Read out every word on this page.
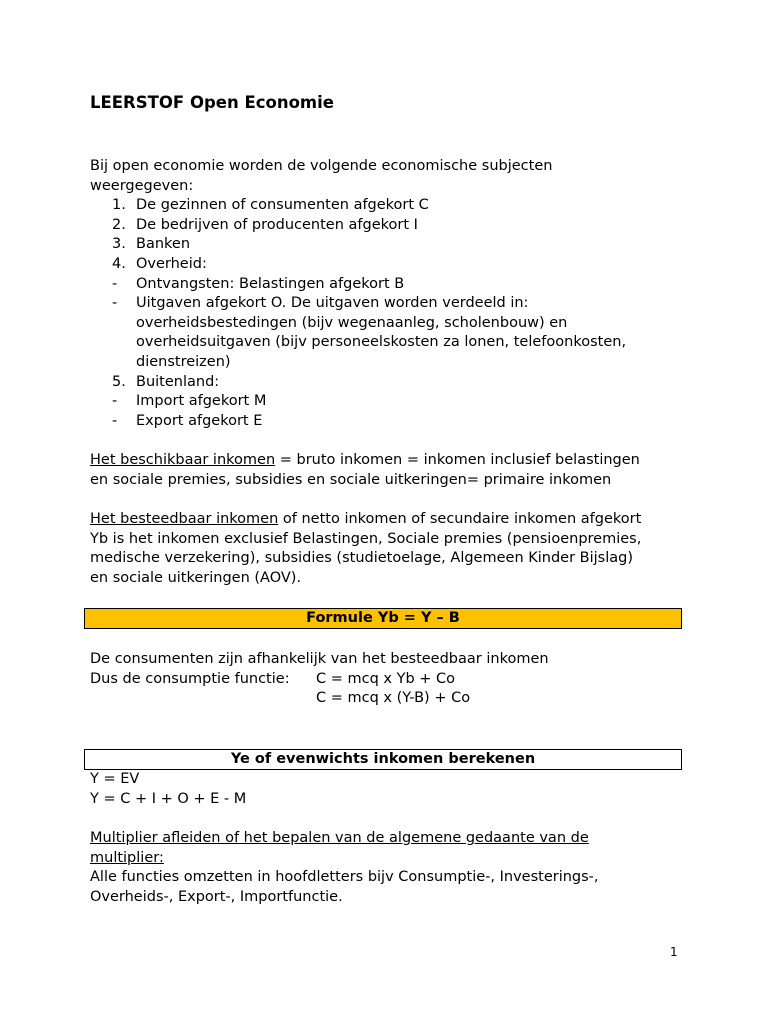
LEERSTOF Open Economie
Bij open economie worden de volgende economische subjecten
weergegeven:
1. De gezinnen of consumenten afgekort C
2. De bedrijven of producenten afgekort I
3. Banken
4. Overheid:
- Ontvangsten: Belastingen afgekort B
- Uitgaven afgekort O. De uitgaven worden verdeeld in:
overheidsbestedingen (bijv wegenaanleg, scholenbouw) en
overheidsuitgaven (bijv personeelskosten za lonen, telefoonkosten,
dienstreizen)
5. Buitenland:
- Import afgekort M
- Export afgekort E
Het beschikbaar inkomen = bruto inkomen = inkomen inclusief belastingen
en sociale premies, subsidies en sociale uitkeringen= primaire inkomen
Het besteedbaar inkomen of netto inkomen of secundaire inkomen afgekort
Yb is het inkomen exclusief Belastingen, Sociale premies (pensioenpremies,
medische verzekering), subsidies (studietoelage, Algemeen Kinder Bijslag)
en sociale uitkeringen (AOV).
Formule Yb = Y – B
De consumenten zijn afhankelijk van het besteedbaar inkomen
Dus de consumptie functie: C = mcq x Yb + Co
C = mcq x (Y-B) + Co
Ye of evenwichts inkomen berekenen
Y = EV
Y = C + I + O + E - M
Multiplier afleiden of het bepalen van de algemene gedaante van de
multiplier:
Alle functies omzetten in hoofdletters bijv Consumptie-, Investerings-,
Overheids-, Export-, Importfunctie.
1
